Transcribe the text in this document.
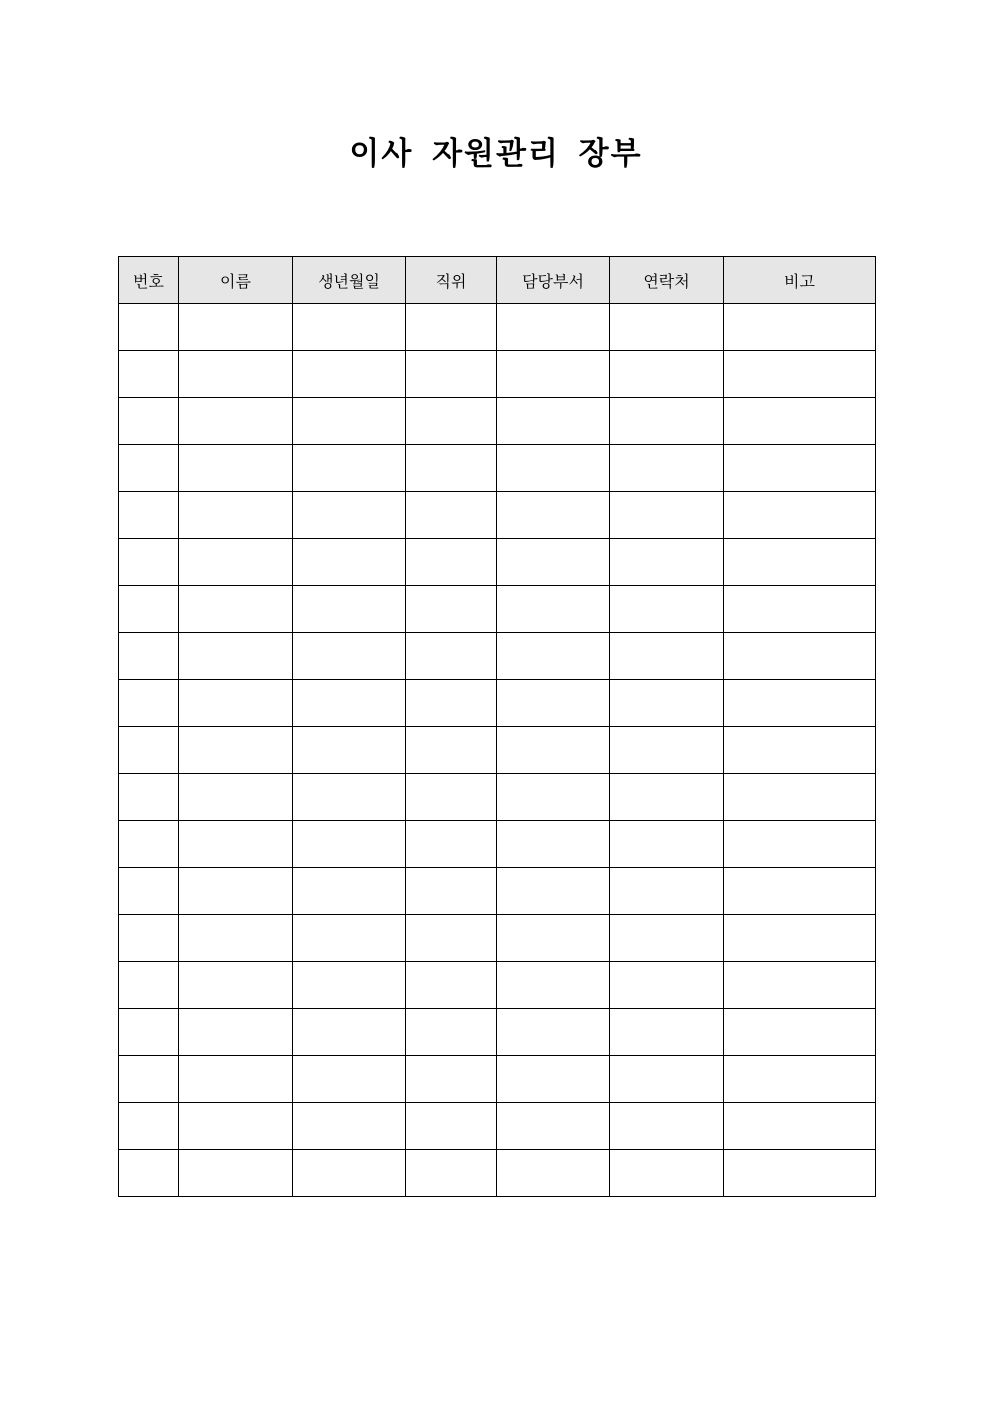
이사 자원관리 장부
번호	이름	생년월일	직위	담당부서	연락처	비고
